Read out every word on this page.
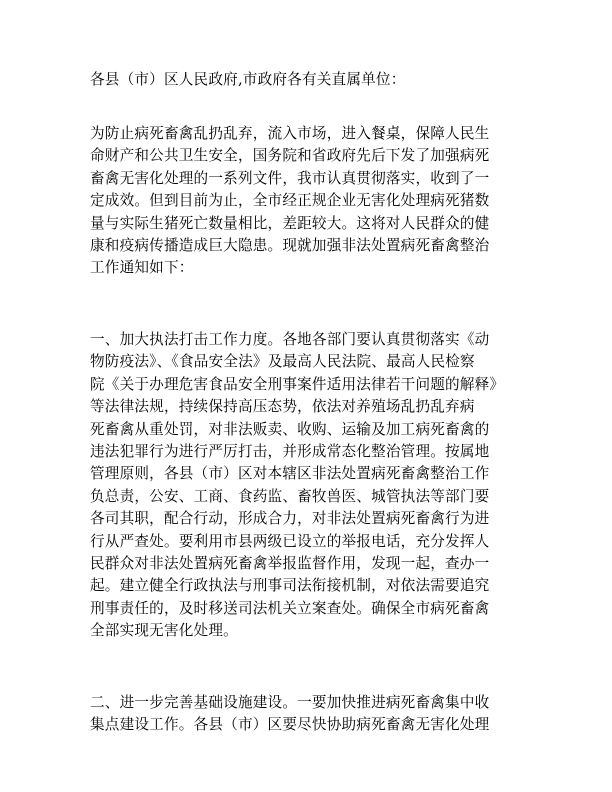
各县（市）区人民政府,市政府各有关直属单位：

为防止病死畜禽乱扔乱弃，流入市场，进入餐桌，保障人民生
命财产和公共卫生安全，国务院和省政府先后下发了加强病死
畜禽无害化处理的一系列文件，我市认真贯彻落实，收到了一
定成效。但到目前为止，全市经正规企业无害化处理病死猪数
量与实际生猪死亡数量相比，差距较大。这将对人民群众的健
康和疫病传播造成巨大隐患。现就加强非法处置病死畜禽整治
工作通知如下：

一、加大执法打击工作力度。各地各部门要认真贯彻落实《动
物防疫法》、《食品安全法》及最高人民法院、最高人民检察
院《关于办理危害食品安全刑事案件适用法律若干问题的解释》
等法律法规，持续保持高压态势，依法对养殖场乱扔乱弃病
死畜禽从重处罚，对非法贩卖、收购、运输及加工病死畜禽的
违法犯罪行为进行严厉打击，并形成常态化整治管理。按属地
管理原则，各县（市）区对本辖区非法处置病死畜禽整治工作
负总责，公安、工商、食药监、畜牧兽医、城管执法等部门要
各司其职，配合行动，形成合力，对非法处置病死畜禽行为进
行从严查处。要利用市县两级已设立的举报电话，充分发挥人
民群众对非法处置病死畜禽举报监督作用，发现一起，查办一
起。建立健全行政执法与刑事司法衔接机制，对依法需要追究
刑事责任的，及时移送司法机关立案查处。确保全市病死畜禽
全部实现无害化处理。

二、进一步完善基础设施建设。一要加快推进病死畜禽集中收
集点建设工作。各县（市）区要尽快协助病死畜禽无害化处理
